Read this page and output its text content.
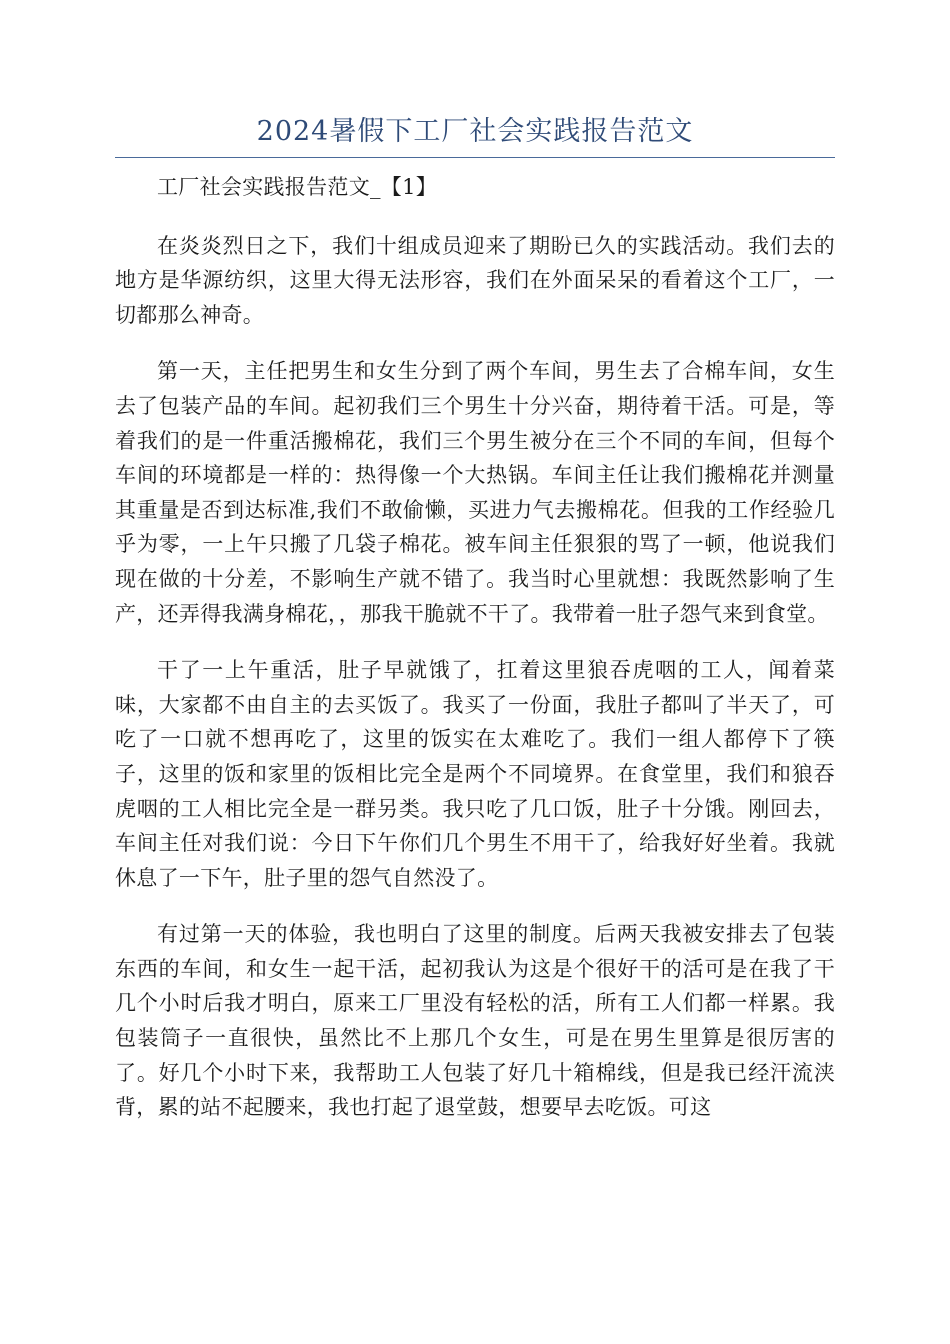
2024暑假下工厂社会实践报告范文

工厂社会实践报告范文_【1】

在炎炎烈日之下，我们十组成员迎来了期盼已久的实践活动。我们去的地方是华源纺织，这里大得无法形容，我们在外面呆呆的看着这个工厂，一切都那么神奇。

第一天，主任把男生和女生分到了两个车间，男生去了合棉车间，女生去了包装产品的车间。起初我们三个男生十分兴奋，期待着干活。可是，等着我们的是一件重活搬棉花，我们三个男生被分在三个不同的车间，但每个车间的环境都是一样的：热得像一个大热锅。车间主任让我们搬棉花并测量其重量是否到达标准,我们不敢偷懒，买进力气去搬棉花。但我的工作经验几乎为零，一上午只搬了几袋子棉花。被车间主任狠狠的骂了一顿，他说我们现在做的十分差，不影响生产就不错了。我当时心里就想：我既然影响了生产，还弄得我满身棉花，，那我干脆就不干了。我带着一肚子怨气来到食堂。

干了一上午重活，肚子早就饿了，扛着这里狼吞虎咽的工人，闻着菜味，大家都不由自主的去买饭了。我买了一份面，我肚子都叫了半天了，可吃了一口就不想再吃了，这里的饭实在太难吃了。我们一组人都停下了筷子，这里的饭和家里的饭相比完全是两个不同境界。在食堂里，我们和狼吞虎咽的工人相比完全是一群另类。我只吃了几口饭，肚子十分饿。刚回去，车间主任对我们说：今日下午你们几个男生不用干了，给我好好坐着。我就休息了一下午，肚子里的怨气自然没了。

有过第一天的体验，我也明白了这里的制度。后两天我被安排去了包装东西的车间，和女生一起干活，起初我认为这是个很好干的活可是在我了干几个小时后我才明白，原来工厂里没有轻松的活，所有工人们都一样累。我包装筒子一直很快，虽然比不上那几个女生，可是在男生里算是很厉害的了。好几个小时下来，我帮助工人包装了好几十箱棉线，但是我已经汗流浃背，累的站不起腰来，我也打起了退堂鼓，想要早去吃饭。可这
